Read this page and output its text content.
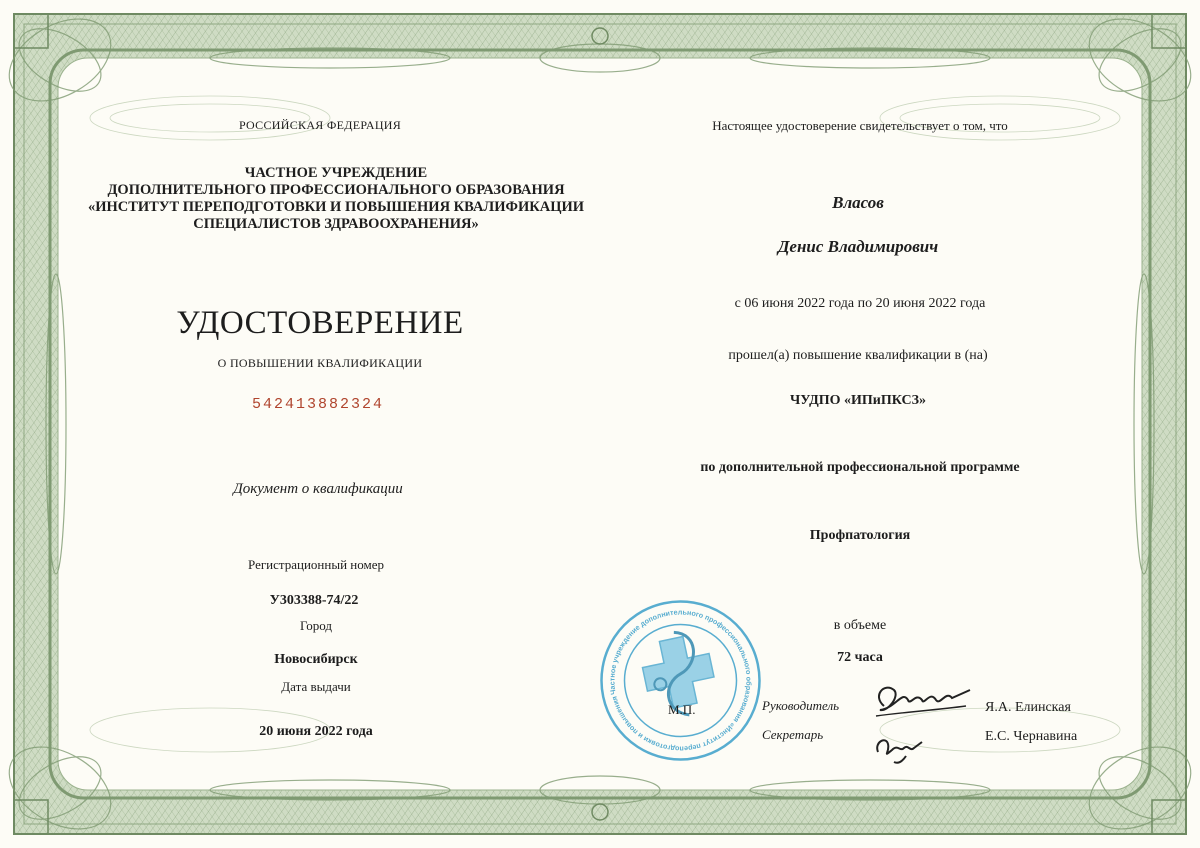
РОССИЙСКАЯ ФЕДЕРАЦИЯ
ЧАСТНОЕ УЧРЕЖДЕНИЕ
ДОПОЛНИТЕЛЬНОГО ПРОФЕССИОНАЛЬНОГО ОБРАЗОВАНИЯ
«ИНСТИТУТ ПЕРЕПОДГОТОВКИ И ПОВЫШЕНИЯ КВАЛИФИКАЦИИ
СПЕЦИАЛИСТОВ ЗДРАВООХРАНЕНИЯ»
УДОСТОВЕРЕНИЕ
О ПОВЫШЕНИИ КВАЛИФИКАЦИИ
542413882324
Документ о квалификации
Регистрационный номер
У303388-74/22
Город
Новосибирск
Дата выдачи
20 июня 2022 года
Настоящее удостоверение свидетельствует о том, что
Власов
Денис Владимирович
с 06 июня 2022 года по 20 июня 2022 года
прошел(а) повышение квалификации в (на)
ЧУДПО «ИПиПКСЗ»
по дополнительной профессиональной программе
Профпатология
в объеме
72 часа
Руководитель	Я.А. Елинская
Секретарь	Е.С. Чернавина
Частное учреждение дополнительного профессионального образования «Институт переподготовки и повышения
М.П.
